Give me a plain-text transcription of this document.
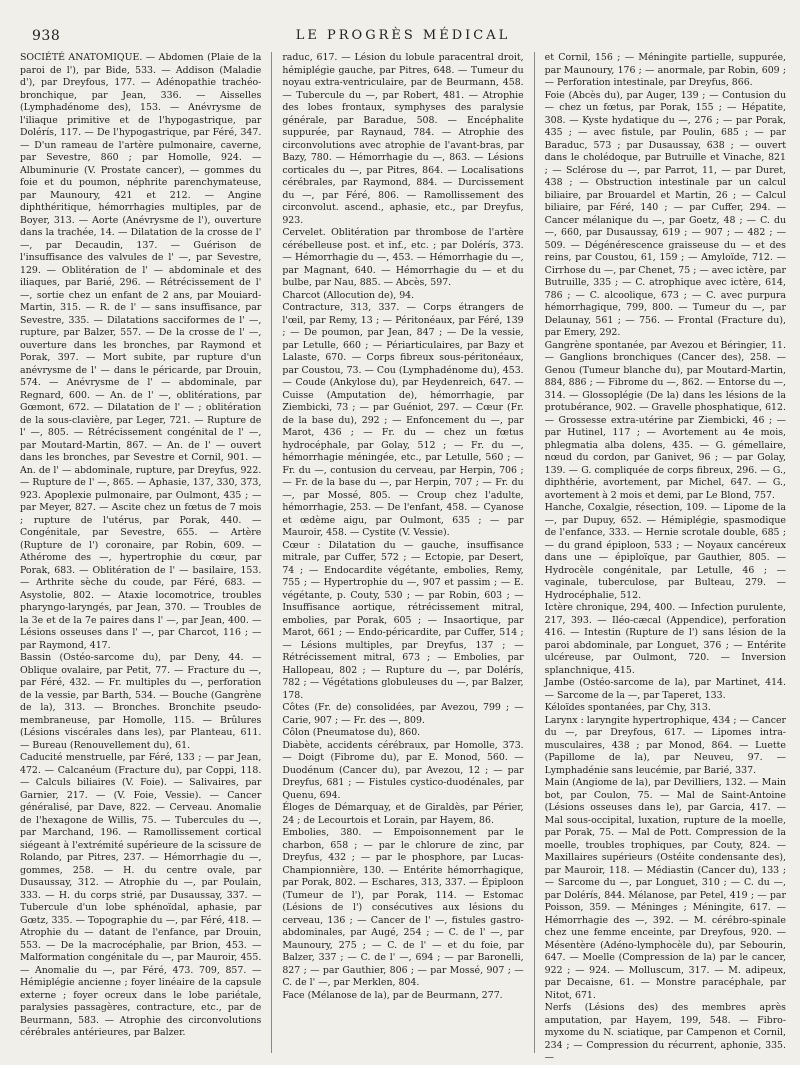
938	LE PROGRÈS MÉDICAL

SOCIÉTÉ ANATOMIQUE. — Abdomen (Plaie de la paroi de l'), par Bide, 533. — Addison (Maladie d'), par Dreyfous, 177. — Adénopathie trachéo-bronchique, par Jean, 336. — Aisselles (Lymphadénome des), 153. — Anévrysme de l'iliaque primitive et de l'hypogastrique, par Dolérís, 117. — De l'hypogastrique, par Féré, 347. — D'un rameau de l'artère pulmonaire, caverne, par Sevestre, 860 ; par Homolle, 924. — Albuminurie (V. Prostate cancer), — gommes du foie et du poumon, néphrite parenchymateuse, par Maunoury, 421 et 212. — Angine diphthéritique, hémorrhagies multiples, par de Boyer, 313. — Aorte (Anévrysme de l'), ouverture dans la trachée, 14. — Dilatation de la crosse de l' —, par Decaudin, 137. — Guérison de l'insuffisance des valvules de l' —, par Sevestre, 129. — Oblitération de l' — abdominale et des iliaques, par Barié, 296. — Rétrécissement de l' —, sortie chez un enfant de 2 ans, par Mouiard-Martin, 315. — R. de l' — sans insuffisance, par Sevestre, 335. — Dilatations sacciformes de l' —, rupture, par Balzer, 557. — De la crosse de l' —, ouverture dans les bronches, par Raymond et Porak, 397. — Mort subite, par rupture d'un anévrysme de l' — dans le péricarde, par Drouin, 574. — Anévrysme de l' — abdominale, par Regnard, 600. — An. de l' —, oblitérations, par Gœmont, 672. — Dilatation de l' — ; oblitération de la sous-clavière, par Leger, 721. — Rupture de l' —, 805. — Rétrécissement congénital de l' —, par Moutard-Martin, 867. — An. de l' — ouvert dans les bronches, par Sevestre et Cornil, 901. — An. de l' — abdominale, rupture, par Dreyfus, 922. — Rupture de l' —, 865. — Aphasie, 137, 330, 373, 923. Apoplexie pulmonaire, par Oulmont, 435 ; — par Meyer, 827. — Ascite chez un fœtus de 7 mois ; rupture de l'utérus, par Porak, 440. — Congénitale, par Sevestre, 655. — Artère (Rupture de l') coronaire, par Robin, 609. — Athérome des —, hypertrophie du cœur, par Porak, 683. — Oblitération de l' — basilaire, 153. — Arthrite sèche du coude, par Féré, 683. — Asystolie, 802. — Ataxie locomotrice, troubles pharyngo-laryngés, par Jean, 370. — Troubles de la 3e et de la 7e paires dans l' —, par Jean, 400. — Lésions osseuses dans l' —, par Charcot, 116 ; — par Raymond, 417.

Bassin (Ostéo-sarcome du), par Deny, 44. — Oblique ovalaire, par Petit, 77. — Fracture du —, par Féré, 432. — Fr. multiples du —, perforation de la vessie, par Barth, 534. — Bouche (Gangrène de la), 313. — Bronches. Bronchite pseudo-membraneuse, par Homolle, 115. — Brûlures (Lésions viscérales dans les), par Planteau, 611. — Bureau (Renouvellement du), 61.

Caducité menstruelle, par Féré, 133 ; — par Jean, 472. — Calcanéum (Fracture du), par Coppi, 118. — Calculs biliaires (V. Foie). — Salivaires, par Garnier, 217. — (V. Foie, Vessie). — Cancer généralisé, par Dave, 822. — Cerveau. Anomalie de l'hexagone de Willis, 75. — Tubercules du —, par Marchand, 196. — Ramollissement cortical siégeant à l'extrémité supérieure de la scissure de Rolando, par Pitres, 237. — Hémorrhagie du —, gommes, 258. — H. du centre ovale, par Dusaussay, 312. — Atrophie du —, par Poulain, 333. — H. du corps strié, par Dusaussay, 337. — Tubercule d'un lobe sphénoïdal, aphasie, par Gœtz, 335. — Topographie du —, par Féré, 418. — Atrophie du — datant de l'enfance, par Drouin, 553. — De la macrocéphalie, par Brion, 453. — Malformation congénitale du —, par Mauroir, 455. — Anomalie du —, par Féré, 473. 709, 857. — Hémiplégie ancienne ; foyer linéaire de la capsule externe ; foyer ocreux dans le lobe pariétale, paralysies passagères, contracture, etc., par de Beurmann, 583. — Atrophie des circonvolutions cérébrales antérieures, par Balzer.

raduc, 617. — Lésion du lobule paracentral droit, hémiplégie gauche, par Pitres, 648. — Tumeur du noyau extra-ventriculaire, par de Beurmann, 458. — Tubercule du —, par Robert, 481. — Atrophie des lobes frontaux, symphyses des paralysie générale, par Baradue, 508. — Encéphalite suppurée, par Raynaud, 784. — Atrophie des circonvolutions avec atrophie de l'avant-bras, par Bazy, 780. — Hémorrhagie du —, 863. — Lésions corticales du —, par Pitres, 864. — Localisations cérébrales, par Raymond, 884. — Durcissement du —, par Féré, 806. — Ramollissement des circonvolut. ascend., aphasie, etc., par Dreyfus, 923.

Cervelet. Oblitération par thrombose de l'artère cérébelleuse post. et inf., etc. ; par Dolérís, 373. — Hémorrhagie du —, 453. — Hémorrhagie du —, par Magnant, 640. — Hémorrhagie du — et du bulbe, par Nau, 885. — Abcès, 597.

Charcot (Allocution de), 94.

Contracture, 313, 337. — Corps étrangers de l'œil, par Remy, 13 ; — Péritonéaux, par Féré, 139 ; — De poumon, par Jean, 847 ; — De la vessie, par Letulle, 660 ; — Périarticulaires, par Bazy et Lalaste, 670. — Corps fibreux sous-péritonéaux, par Coustou, 73. — Cou (Lymphadénome du), 453. — Coude (Ankylose du), par Heydenreich, 647. — Cuisse (Amputation de), hémorrhagie, par Ziembicki, 73 ; — par Guéniot, 297. — Cœur (Fr. de la base du), 292 ; — Enfoncement du —, par Marot, 436 ; — Fr. du — chez un fœtus hydrocéphale, par Golay, 512 ; — Fr. du —, hémorrhagie méningée, etc., par Letulle, 560 ; — Fr. du —, contusion du cerveau, par Herpin, 706 ; — Fr. de la base du —, par Herpin, 707 ; — Fr. du —, par Mossé, 805. — Croup chez l'adulte, hémorrhagie, 253. — De l'enfant, 458. — Cyanose et œdème aigu, par Oulmont, 635 ; — par Mauroir, 458. — Cystite (V. Vessie).

Cœur : Dilatation du — gauche, insuffisance mitrale, par Cuffer, 572 ; — Ectopie, par Desert, 74 ; — Endocardite végétante, embolies, Remy, 755 ; — Hypertrophie du —, 907 et passim ; — E. végétante, p. Couty, 530 ; — par Robin, 603 ; — Insuffisance aortique, rétrécissement mitral, embolies, par Porak, 605 ; — Insaortique, par Marot, 661 ; — Endo-péricardite, par Cuffer, 514 ; — Lésions multiples, par Dreyfus, 137 ; — Rétrécissement mitral, 673 ; — Embolies, par Hallopeau, 802 ; — Rupture du —, par Dolérís, 782 ; — Végétations globuleuses du —, par Balzer, 178.

Côtes (Fr. de) consolidées, par Avezou, 799 ; — Carie, 907 ; — Fr. des —, 809.

Côlon (Pneumatose du), 860.

Diabète, accidents cérébraux, par Homolle, 373. — Doigt (Fibrome du), par E. Monod, 560. — Duodénum (Cancer du), par Avezou, 12 ; — par Dreyfus, 681 ; — Fistules cystico-duodénales, par Quenu, 694.

Éloges de Démarquay, et de Giraldès, par Périer, 24 ; de Lecourtois et Lorain, par Hayem, 86.

Embolies, 380. — Empoisonnement par le charbon, 658 ; — par le chlorure de zinc, par Dreyfus, 432 ; — par le phosphore, par Lucas-Championnière, 130. — Entérite hémorrhagique, par Porak, 802. — Eschares, 313, 337. — Épiploon (Tumeur de l'), par Porak, 114. — Estomac (Lésions de l') consécutives aux lésions du cerveau, 136 ; — Cancer de l' —, fistules gastro-abdominales, par Augé, 254 ; — C. de l' —, par Maunoury, 275 ; — C. de l' — et du foie, par Balzer, 337 ; — C. de l' —, 694 ; — par Baronelli, 827 ; — par Gauthier, 806 ; — par Mossé, 907 ; — C. de l' —, par Merklen, 804.

Face (Mélanose de la), par de Beurmann, 277.

et Cornil, 156 ; — Méningite partielle, suppurée, par Maunoury, 176 ; — anormale, par Robin, 609 ; — Perforation intestinale, par Dreyfus, 866.

Foie (Abcès du), par Auger, 139 ; — Contusion du — chez un fœtus, par Porak, 155 ; — Hépatite, 308. — Kyste hydatique du —, 276 ; — par Porak, 435 ; — avec fistule, par Poulin, 685 ; — par Baraduc, 573 ; par Dusaussay, 638 ; — ouvert dans le cholédoque, par Butruille et Vinache, 821 ; — Sclérose du —, par Parrot, 11, — par Duret, 438 ; — Obstruction intestinale par un calcul biliaire, par Brouardel et Martin, 26 ; — Calcul biliaire, par Féré, 140 ; — par Cuffer, 294. — Cancer mélanique du —, par Goetz, 48 ; — C. du —, 660, par Dusaussay, 619 ; — 907 ; — 482 ; — 509. — Dégénérescence graisseuse du — et des reins, par Coustou, 61, 159 ; — Amyloïde, 712. — Cirrhose du —, par Chenet, 75 ; — avec ictère, par Butruille, 335 ; — C. atrophique avec ictère, 614, 786 ; — C. alcoolique, 673 ; — C. avec purpura hémorrhagique, 799, 800. — Tumeur du —, par Delaunay, 561 ; — 756. — Frontal (Fracture du), par Emery, 292.

Gangrène spontanée, par Avezou et Béringier, 11. — Ganglions bronchiques (Cancer des), 258. — Genou (Tumeur blanche du), par Moutard-Martin, 884, 886 ; — Fibrome du —, 862. — Entorse du —, 314. — Glossoplégie (De la) dans les lésions de la protubérance, 902. — Gravelle phosphatique, 612. — Grossesse extra-utérine par Ziembicki, 46 ; — par Hutinel, 117 ; — Avortement au 4e mois, phlegmatia alba dolens, 435. — G. gémellaire, nœud du cordon, par Ganivet, 96 ; — par Golay, 139. — G. compliquée de corps fibreux, 296. — G., diphthérie, avortement, par Michel, 647. — G., avortement à 2 mois et demi, par Le Blond, 757.

Hanche, Coxalgie, résection, 109. — Lipome de la —, par Dupuy, 652. — Hémiplégie, spasmodique de l'enfance, 333. — Hernie scrotale double, 685 ; — du grand épiploon, 533 ; — Noyaux cancéreux dans une — épiploïque, par Gauthier, 805. — Hydrocèle congénitale, par Letulle, 46 ; — vaginale, tuberculose, par Bulteau, 279. — Hydrocéphalie, 512.

Ictère chronique, 294, 400. — Infection purulente, 217, 393. — Iléo-cæcal (Appendice), perforation 416. — Intestin (Rupture de l') sans lésion de la paroi abdominale, par Longuet, 376 ; — Entérite ulcéreuse, par Oulmont, 720. — Inversion splanchnique, 415.

Jambe (Ostéo-sarcome de la), par Martinet, 414. — Sarcome de la —, par Taperet, 133.

Kéloïdes spontanées, par Chy, 313.

Larynx : laryngite hypertrophique, 434 ; — Cancer du —, par Dreyfous, 617. — Lipomes intra-musculaires, 438 ; par Monod, 864. — Luette (Papillome de la), par Neuveu, 97. — Lymphadénie sans leucémie, par Barié, 337.

Main (Angiome de la), par Devilliers, 132. — Main bot, par Coulon, 75. — Mal de Saint-Antoine (Lésions osseuses dans le), par Garcia, 417. — Mal sous-occipital, luxation, rupture de la moelle, par Porak, 75. — Mal de Pott. Compression de la moelle, troubles trophiques, par Couty, 824. — Maxillaires supérieurs (Ostéite condensante des), par Mauroir, 118. — Médiastin (Cancer du), 133 ; — Sarcome du —, par Longuet, 310 ; — C. du —, par Dolérís, 844. Mélanose, par Petel, 419 ; — par Poisson, 359. — Méninges ; Méningite, 617. — Hémorrhagie des —, 392. — M. cérébro-spinale chez une femme enceinte, par Dreyfous, 920. — Mésentère (Adéno-lymphocèle du), par Sebourin, 647. — Moelle (Compression de la) par le cancer, 922 ; — 924. — Molluscum, 317. — M. adipeux, par Decaisne, 61. — Monstre paracéphale, par Nitot, 671.

Nerfs (Lésions des) des membres après amputation, par Hayem, 199, 548. — Fibro-myxome du N. sciatique, par Campenon et Cornil, 234 ; — Compression du récurrent, aphonie, 335. —
